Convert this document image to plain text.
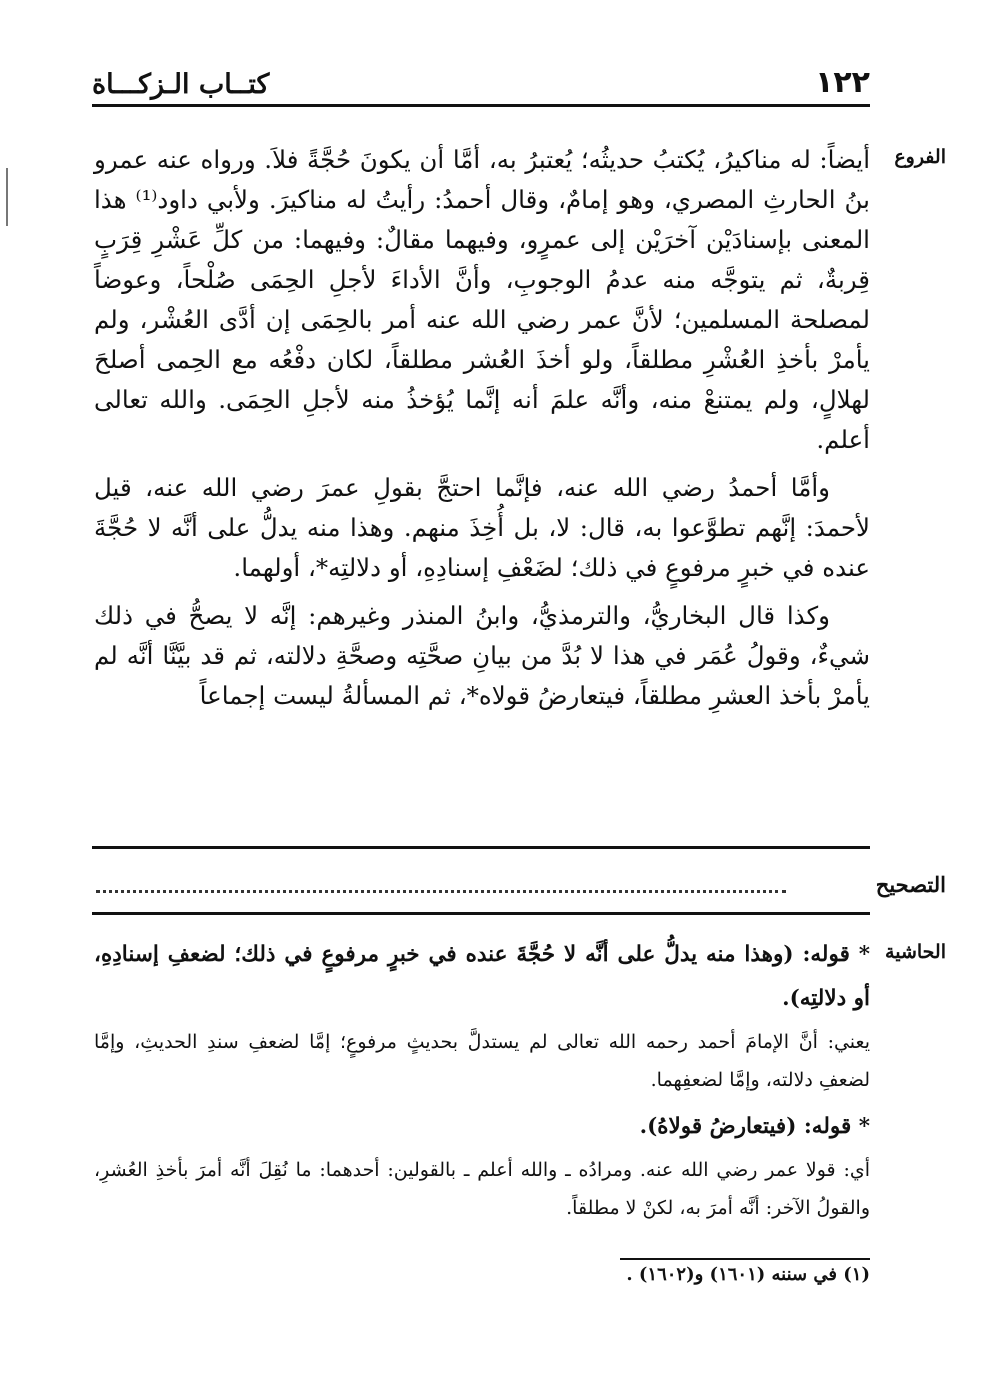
١٢٢
كتــاب الـزكـــاة
الفروع

أيضاً: له مناكيرُ، يُكتبُ حديثُه؛ يُعتبرُ به، أمَّا أن يكونَ حُجَّةً فلاَ. ورواه عنه عمرو بنُ الحارثِ المصري، وهو إمامٌ، وقال أحمدُ: رأيتُ له مناكيرَ. ولأبي داود⁽¹⁾ هذا المعنى بإسنادَيْن آخرَيْن إلى عمرٍو، وفيهما مقالٌ: وفيهما: من كلِّ عَشْرِ قِرَبٍ قِربةٌ، ثم يتوجَّه منه عدمُ الوجوبِ، وأنَّ الأداءَ لأجلِ الحِمَى صُلْحاً، وعوضاً لمصلحة المسلمين؛ لأنَّ عمر رضي الله عنه أمر بالحِمَى إن أدَّى العُشْر، ولم يأمرْ بأخذِ العُشْرِ مطلقاً، ولو أخذَ العُشر مطلقاً، لكان دفْعُه مع الحِمى أصلحَ لهلالٍ، ولم يمتنعْ منه، وأنَّه علمَ أنه إنَّما يُؤخذُ منه لأجلِ الحِمَى. والله تعالى أعلم.

وأمَّا أحمدُ رضي الله عنه، فإنَّما احتجَّ بقولِ عمرَ رضي الله عنه، قيل لأحمدَ: إنَّهم تطوَّعوا به، قال: لا، بل أُخِذَ منهم. وهذا منه يدلُّ على أنَّه لا حُجَّةَ عنده في خبرٍ مرفوعٍ في ذلك؛ لضَعْفِ إسنادِهِ، أو دلالتِه*، أولهما.

وكذا قال البخاريُّ، والترمذيُّ، وابنُ المنذر وغيرهم: إنَّه لا يصحُّ في ذلك شيءٌ، وقولُ عُمَر في هذا لا بُدَّ من بيانِ صحَّتِه وصحَّةِ دلالته، ثم قد بيَّنَّا أنَّه لم يأمرْ بأخذ العشرِ مطلقاً، فيتعارضُ قولاه*، ثم المسألةُ ليست إجماعاً

التصحيح
الحاشية

* قوله: (وهذا منه يدلُّ على أنَّه لا حُجَّةَ عنده في خبرٍ مرفوعٍ في ذلك؛ لضعفِ إسنادِهِ، أو دلالتِه).

يعني: أنَّ الإمامَ أحمد رحمه الله تعالى لم يستدلَّ بحديثٍ مرفوعٍ؛ إمَّا لضعفِ سندِ الحديثِ، وإمَّا لضعفِ دلالته، وإمَّا لضعفِهما.

* قوله: (فيتعارضُ قولاهُ).

أي: قولا عمر رضي الله عنه. ومرادُه ـ والله أعلم ـ بالقولين: أحدهما: ما نُقِلَ أنَّه أمرَ بأخذِ العُشرِ، والقولُ الآخر: أنَّه أمرَ به، لكنْ لا مطلقاً.

(١) في سننه (١٦٠١) و(١٦٠٢) .
